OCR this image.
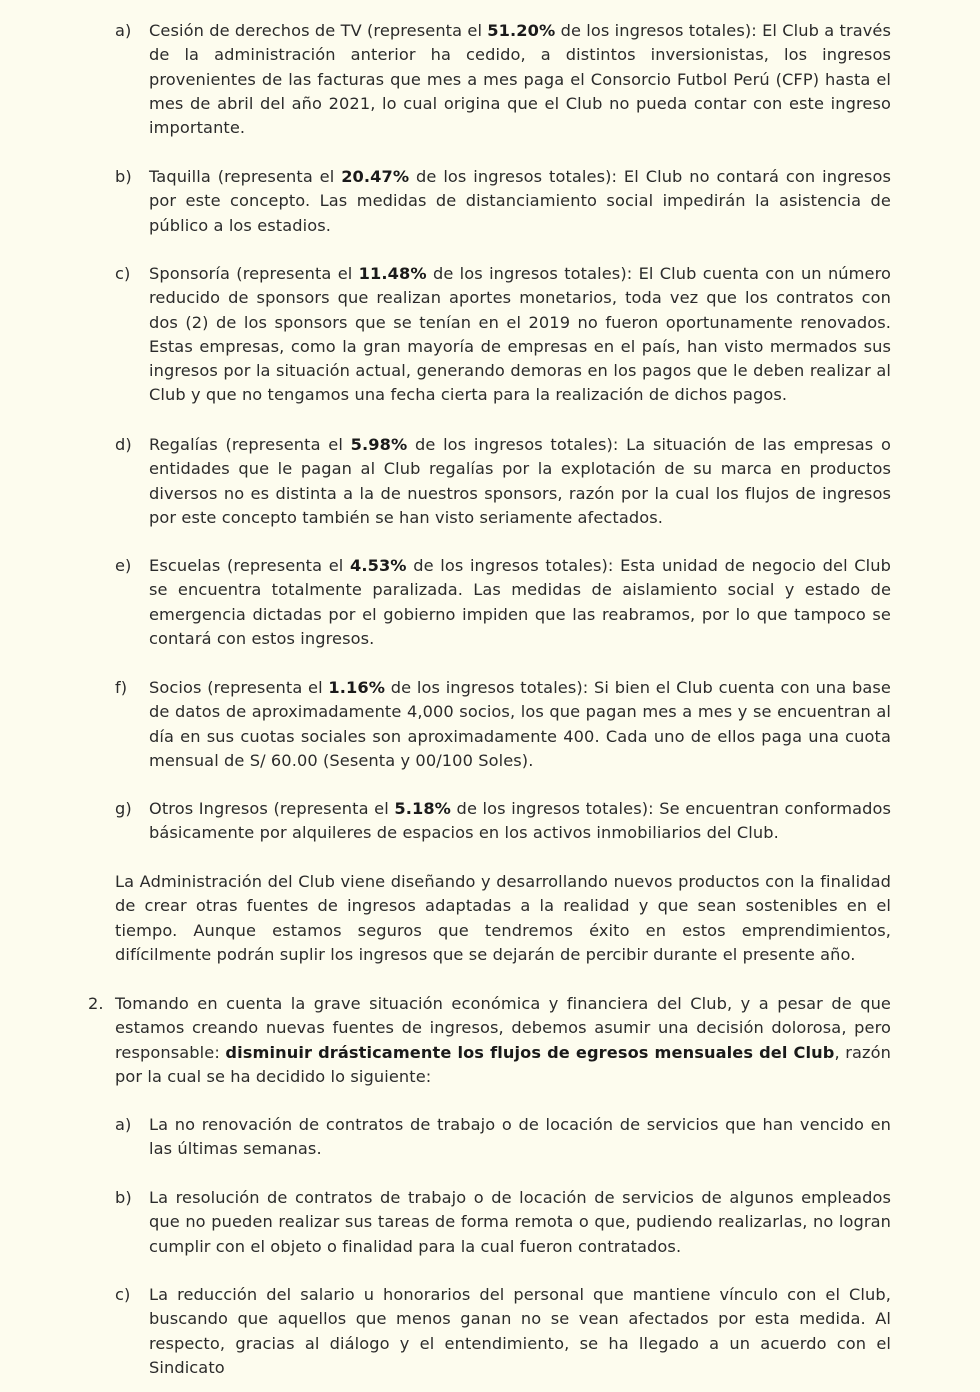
a)	Cesión de derechos de TV (representa el 51.20% de los ingresos totales): El Club a través de la administración anterior ha cedido, a distintos inversionistas, los ingresos provenientes de las facturas que mes a mes paga el Consorcio Futbol Perú (CFP) hasta el mes de abril del año 2021, lo cual origina que el Club no pueda contar con este ingreso importante.
b)	Taquilla (representa el 20.47% de los ingresos totales): El Club no contará con ingresos por este concepto. Las medidas de distanciamiento social impedirán la asistencia de público a los estadios.
c)	Sponsoría (representa el 11.48% de los ingresos totales): El Club cuenta con un número reducido de sponsors que realizan aportes monetarios, toda vez que los contratos con dos (2) de los sponsors que se tenían en el 2019 no fueron oportunamente renovados. Estas empresas, como la gran mayoría de empresas en el país, han visto mermados sus ingresos por la situación actual, generando demoras en los pagos que le deben realizar al Club y que no tengamos una fecha cierta para la realización de dichos pagos.
d)	Regalías (representa el 5.98% de los ingresos totales): La situación de las empresas o entidades que le pagan al Club regalías por la explotación de su marca en productos diversos no es distinta a la de nuestros sponsors, razón por la cual los flujos de ingresos por este concepto también se han visto seriamente afectados.
e)	Escuelas (representa el 4.53% de los ingresos totales): Esta unidad de negocio del Club se encuentra totalmente paralizada. Las medidas de aislamiento social y estado de emergencia dictadas por el gobierno impiden que las reabramos, por lo que tampoco se contará con estos ingresos.
f)	Socios (representa el 1.16% de los ingresos totales): Si bien el Club cuenta con una base de datos de aproximadamente 4,000 socios, los que pagan mes a mes y se encuentran al día en sus cuotas sociales son aproximadamente 400. Cada uno de ellos paga una cuota mensual de S/ 60.00 (Sesenta y 00/100 Soles).
g)	Otros Ingresos (representa el 5.18% de los ingresos totales): Se encuentran conformados básicamente por alquileres de espacios en los activos inmobiliarios del Club.
La Administración del Club viene diseñando y desarrollando nuevos productos con la finalidad de crear otras fuentes de ingresos adaptadas a la realidad y que sean sostenibles en el tiempo. Aunque estamos seguros que tendremos éxito en estos emprendimientos, difícilmente podrán suplir los ingresos que se dejarán de percibir durante el presente año.
2. Tomando en cuenta la grave situación económica y financiera del Club, y a pesar de que estamos creando nuevas fuentes de ingresos, debemos asumir una decisión dolorosa, pero responsable: disminuir drásticamente los flujos de egresos mensuales del Club, razón por la cual se ha decidido lo siguiente:
a)	La no renovación de contratos de trabajo o de locación de servicios que han vencido en las últimas semanas.
b)	La resolución de contratos de trabajo o de locación de servicios de algunos empleados que no pueden realizar sus tareas de forma remota o que, pudiendo realizarlas, no logran cumplir con el objeto o finalidad para la cual fueron contratados.
c)	La reducción del salario u honorarios del personal que mantiene vínculo con el Club, buscando que aquellos que menos ganan no se vean afectados por esta medida. Al respecto, gracias al diálogo y el entendimiento, se ha llegado a un acuerdo con el Sindicato
